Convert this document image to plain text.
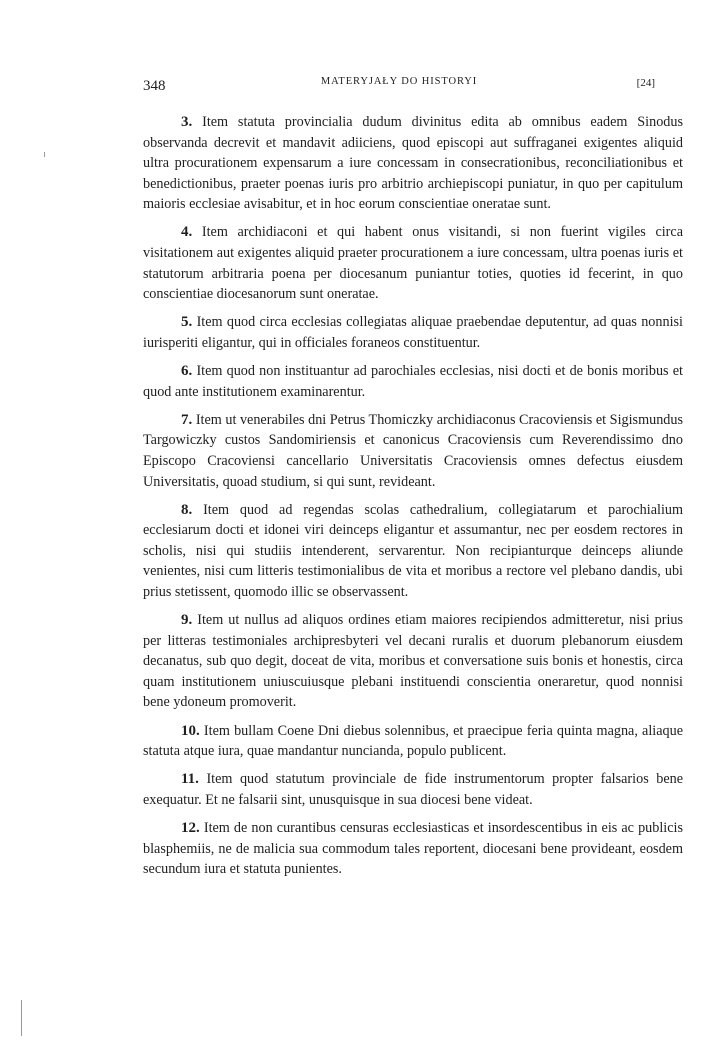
348	MATERYJAŁY DO HISTORYI	[24]

3. Item statuta provincialia dudum divinitus edita ab omnibus eadem Sinodus observanda decrevit et mandavit adiiciens, quod episcopi aut suffraganei exigentes aliquid ultra procurationem expensarum a iure concessam in consecrationibus, reconciliationibus et benedictionibus, praeter poenas iuris pro arbitrio archiepiscopi puniatur, in quo per capitulum maioris ecclesiae avisabitur, et in hoc eorum conscientiae oneratae sunt.

4. Item archidiaconi et qui habent onus visitandi, si non fuerint vigiles circa visitationem aut exigentes aliquid praeter procurationem a iure concessam, ultra poenas iuris et statutorum arbitraria poena per diocesanum puniantur toties, quoties id fecerint, in quo conscientiae diocesanorum sunt oneratae.

5. Item quod circa ecclesias collegiatas aliquae praebendae deputentur, ad quas nonnisi iurisperiti eligantur, qui in officiales foraneos constituentur.

6. Item quod non instituantur ad parochiales ecclesias, nisi docti et de bonis moribus et quod ante institutionem examinarentur.

7. Item ut venerabiles dni Petrus Thomiczky archidiaconus Cracoviensis et Sigismundus Targowiczky custos Sandomiriensis et canonicus Cracoviensis cum Reverendissimo dno Episcopo Cracoviensi cancellario Universitatis Cracoviensis omnes defectus eiusdem Universitatis, quoad studium, si qui sunt, revideant.

8. Item quod ad regendas scolas cathedralium, collegiatarum et parochialium ecclesiarum docti et idonei viri deinceps eligantur et assumantur, nec per eosdem rectores in scholis, nisi qui studiis intenderent, servarentur. Non recipianturque deinceps aliunde venientes, nisi cum litteris testimonialibus de vita et moribus a rectore vel plebano dandis, ubi prius stetissent, quomodo illic se observassent.

9. Item ut nullus ad aliquos ordines etiam maiores recipiendos admitteretur, nisi prius per litteras testimoniales archipresbyteri vel decani ruralis et duorum plebanorum eiusdem decanatus, sub quo degit, doceat de vita, moribus et conversatione suis bonis et honestis, circa quam institutionem uniuscuiusque plebani instituendi conscientia oneraretur, quod nonnisi bene ydoneum promoverit.

10. Item bullam Coene Dni diebus solennibus, et praecipue feria quinta magna, aliaque statuta atque iura, quae mandantur nuncianda, populo publicent.

11. Item quod statutum provinciale de fide instrumentorum propter falsarios bene exequatur. Et ne falsarii sint, unusquisque in sua diocesi bene videat.

12. Item de non curantibus censuras ecclesiasticas et insordescentibus in eis ac publicis blasphemiis, ne de malicia sua commodum tales reportent, diocesani bene provideant, eosdem secundum iura et statuta punientes.
